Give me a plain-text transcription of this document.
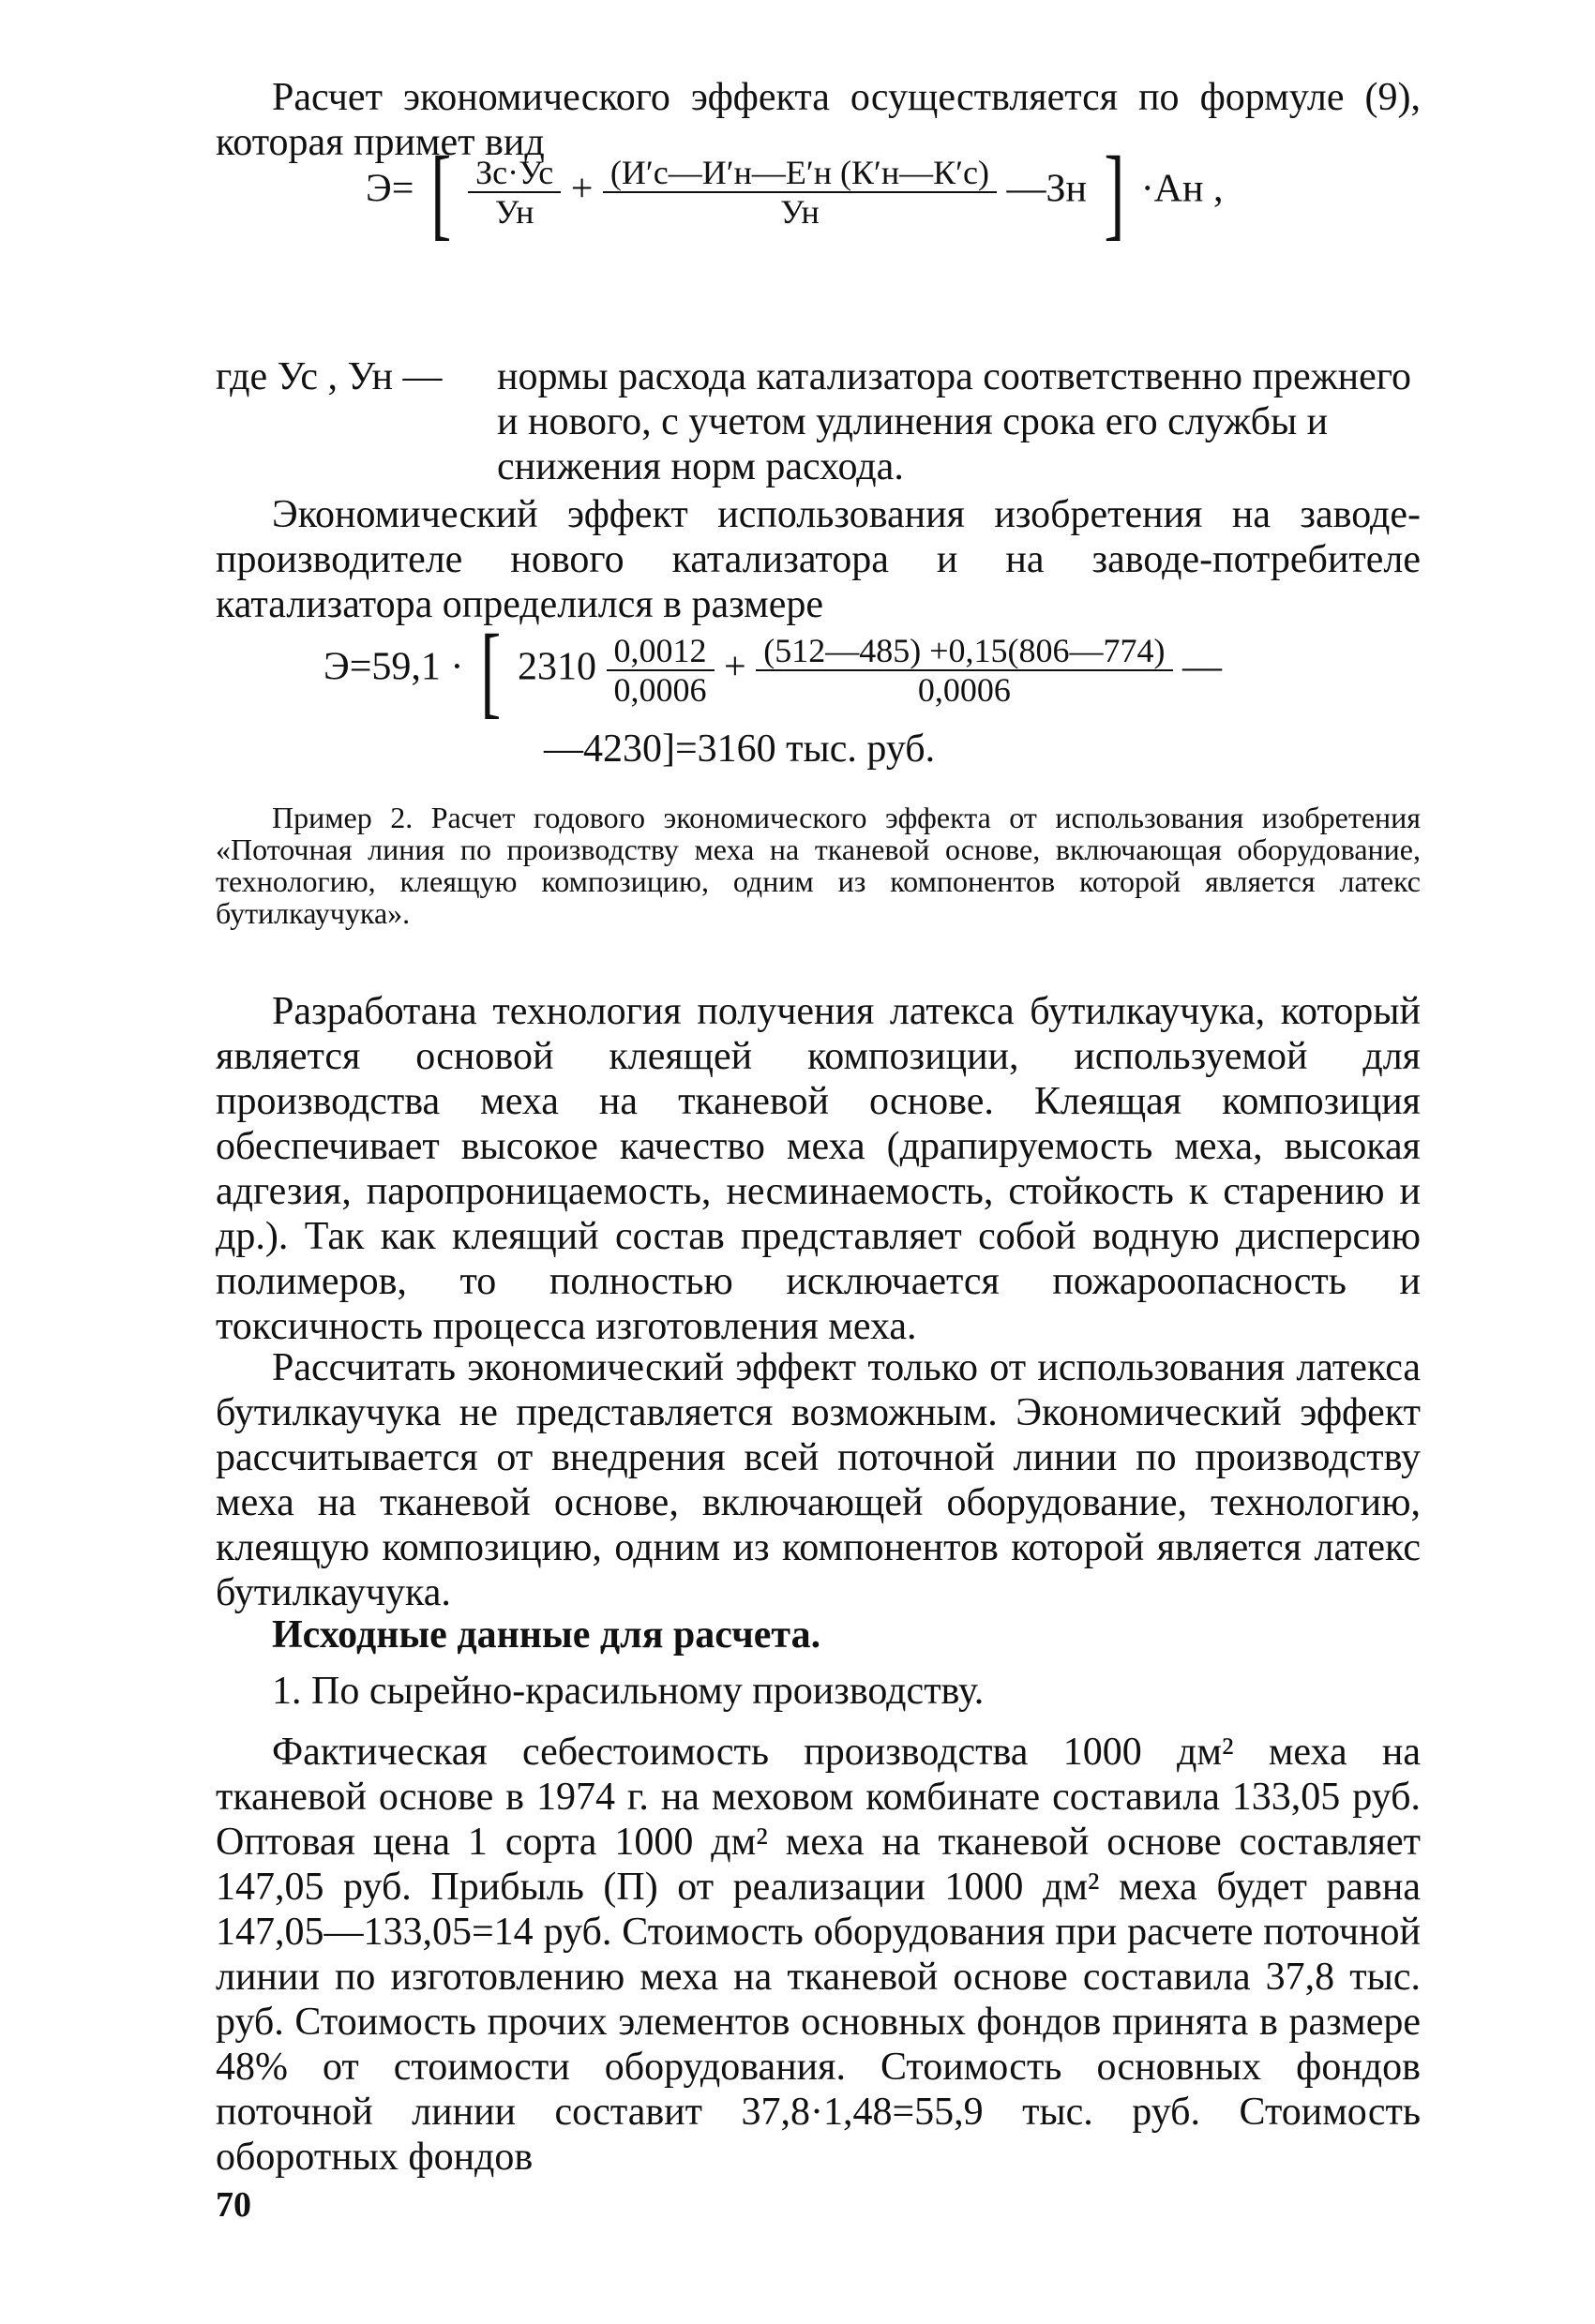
Расчет экономического эффекта осуществляется по формуле (9), которая примет вид

Э= [ $\frac{Зс\cdot Ус}{Ун} + \frac{(И'с—И'н—Е'н (К'н—К'с)}{Ун}$ —Зн ] ·Ан ,
где Ус , Ун — нормы расхода катализатора соответственно прежнего и нового, с учетом удлинения срока его службы и снижения норм расхода.

Экономический эффект использования изобретения на заводе-производителе нового катализатора и на заводе-потребителе катализатора определился в размере

Э=59,1 · [ $2310 \frac{0,0012}{0,0006} + \frac{(512—485) +0,15(806—774)}{0,0006}$ —
—4230]=3160 тыс. руб.

Пример 2. Расчет годового экономического эффекта от использования изобретения «Поточная линия по производству меха на тканевой основе, включающая оборудование, технологию, клеящую композицию, одним из компонентов которой является латекс бутилкаучука».

Разработана технология получения латекса бутилкаучука, который является основой клеящей композиции, используемой для производства меха на тканевой основе. Клеящая композиция обеспечивает высокое качество меха (драпируемость меха, высокая адгезия, паропроницаемость, несминаемость, стойкость к старению и др.). Так как клеящий состав представляет собой водную дисперсию полимеров, то полностью исключается пожароопасность и токсичность процесса изготовления меха.

Рассчитать экономический эффект только от использования латекса бутилкаучука не представляется возможным. Экономический эффект рассчитывается от внедрения всей поточной линии по производству меха на тканевой основе, включающей оборудование, технологию, клеящую композицию, одним из компонентов которой является латекс бутилкаучука.

Исходные данные для расчета.

1. По сырейно-красильному производству.

Фактическая себестоимость производства 1000 дм² меха на тканевой основе в 1974 г. на меховом комбинате составила 133,05 руб. Оптовая цена 1 сорта 1000 дм² меха на тканевой основе составляет 147,05 руб. Прибыль (П) от реализации 1000 дм² меха будет равна 147,05—133,05=14 руб. Стоимость оборудования при расчете поточной линии по изготовлению меха на тканевой основе составила 37,8 тыс. руб. Стоимость прочих элементов основных фондов принята в размере 48% от стоимости оборудования. Стоимость основных фондов поточной линии составит 37,8·1,48=55,9 тыс. руб. Стоимость оборотных фондов

70
